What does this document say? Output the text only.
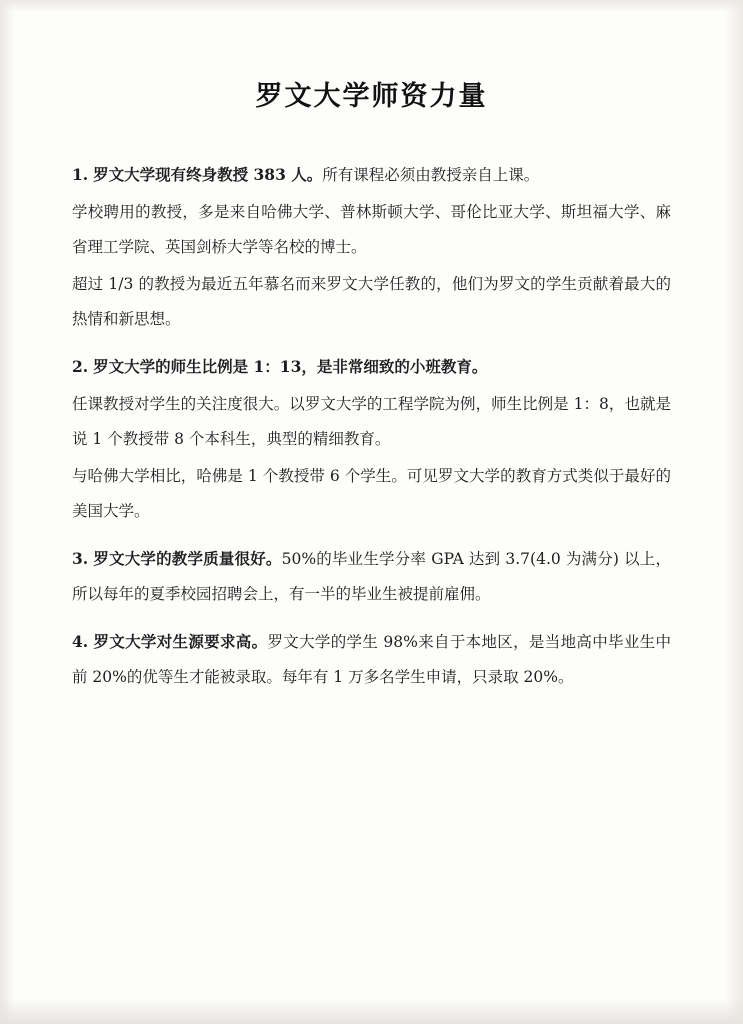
罗文大学师资力量

1. 罗文大学现有终身教授 383 人。所有课程必须由教授亲自上课。

学校聘用的教授，多是来自哈佛大学、普林斯顿大学、哥伦比亚大学、斯坦福大学、麻省理工学院、英国剑桥大学等名校的博士。

超过 1/3 的教授为最近五年慕名而来罗文大学任教的，他们为罗文的学生贡献着最大的热情和新思想。

2. 罗文大学的师生比例是 1：13，是非常细致的小班教育。

任课教授对学生的关注度很大。以罗文大学的工程学院为例，师生比例是 1：8，也就是说 1 个教授带 8 个本科生，典型的精细教育。

与哈佛大学相比，哈佛是 1 个教授带 6 个学生。可见罗文大学的教育方式类似于最好的美国大学。

3. 罗文大学的教学质量很好。50%的毕业生学分率 GPA 达到 3.7(4.0 为满分) 以上，所以每年的夏季校园招聘会上，有一半的毕业生被提前雇佣。

4. 罗文大学对生源要求高。罗文大学的学生 98%来自于本地区，是当地高中毕业生中前 20%的优等生才能被录取。每年有 1 万多名学生申请，只录取 20%。
